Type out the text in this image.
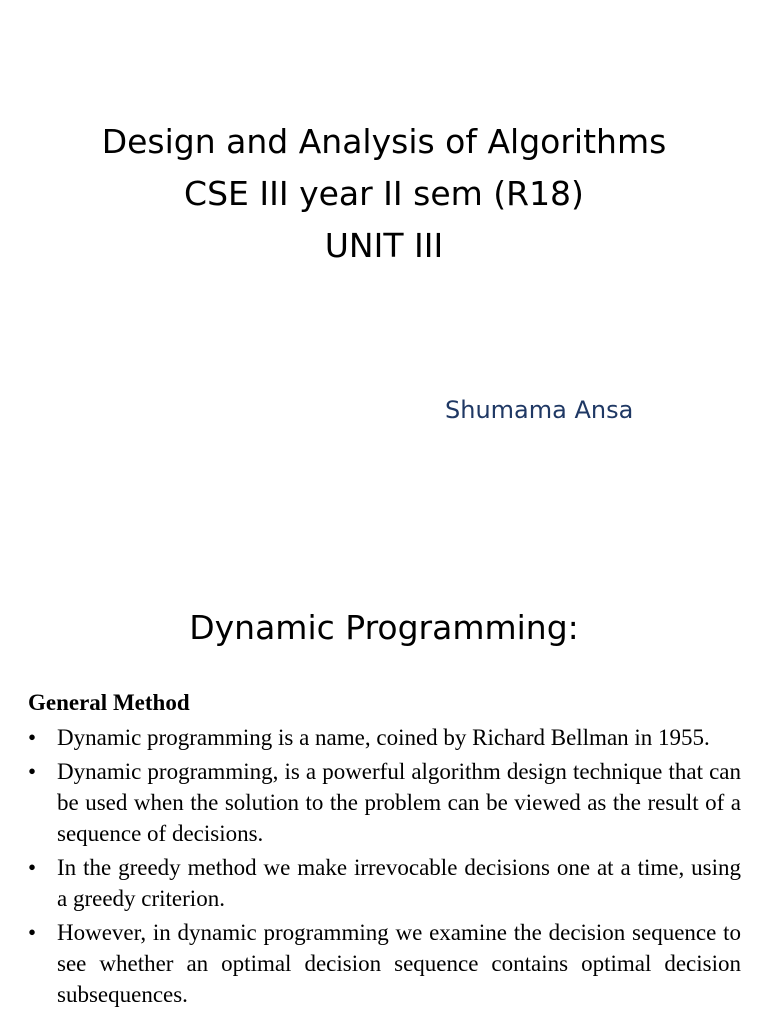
Design and Analysis of Algorithms
CSE III year II sem (R18)
UNIT III
Shumama Ansa
Dynamic Programming:
General Method
• Dynamic programming is a name, coined by Richard Bellman in 1955.
• Dynamic programming, is a powerful algorithm design technique that can be used when the solution to the problem can be viewed as the result of a sequence of decisions.
• In the greedy method we make irrevocable decisions one at a time, using a greedy criterion.
• However, in dynamic programming we examine the decision sequence to see whether an optimal decision sequence contains optimal decision subsequences.
